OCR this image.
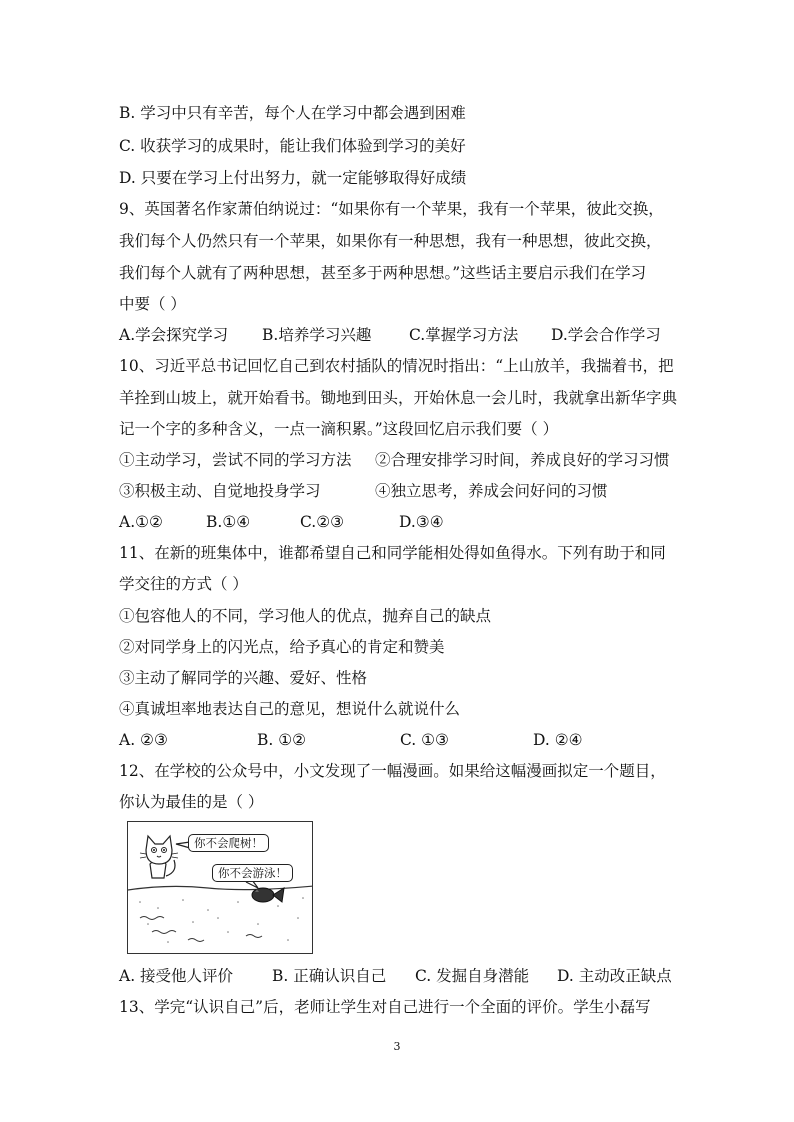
B. 学习中只有辛苦，每个人在学习中都会遇到困难
C. 收获学习的成果时，能让我们体验到学习的美好
D. 只要在学习上付出努力，就一定能够取得好成绩
9、英国著名作家萧伯纳说过：“如果你有一个苹果，我有一个苹果，彼此交换，
我们每个人仍然只有一个苹果，如果你有一种思想，我有一种思想，彼此交换，
我们每个人就有了两种思想，甚至多于两种思想。”这些话主要启示我们在学习
中要（ ）
A.学会探究学习 B.培养学习兴趣 C.掌握学习方法 D.学会合作学习
10、习近平总书记回忆自己到农村插队的情况时指出：“上山放羊，我揣着书，把
羊拴到山坡上，就开始看书。锄地到田头，开始休息一会儿时，我就拿出新华字典
记一个字的多种含义，一点一滴积累。”这段回忆启示我们要（ ）
①主动学习，尝试不同的学习方法 ②合理安排学习时间，养成良好的学习习惯
③积极主动、自觉地投身学习	④独立思考，养成会问好问的习惯
A.①②	B.①④	C.②③	D.③④
11、在新的班集体中，谁都希望自己和同学能相处得如鱼得水。下列有助于和同
学交往的方式（ ）
①包容他人的不同，学习他人的优点，抛弃自己的缺点
②对同学身上的闪光点，给予真心的肯定和赞美
③主动了解同学的兴趣、爱好、性格
④真诚坦率地表达自己的意见，想说什么就说什么
A. ②③	B. ①②	C. ①③	D. ②④
12、在学校的公众号中，小文发现了一幅漫画。如果给这幅漫画拟定一个题目，
你认为最佳的是（ ）
你不会爬树！
你不会游泳！
A. 接受他人评价	B. 正确认识自己 C. 发掘自身潜能 D. 主动改正缺点
13、学完“认识自己”后，老师让学生对自己进行一个全面的评价。学生小磊写
3
